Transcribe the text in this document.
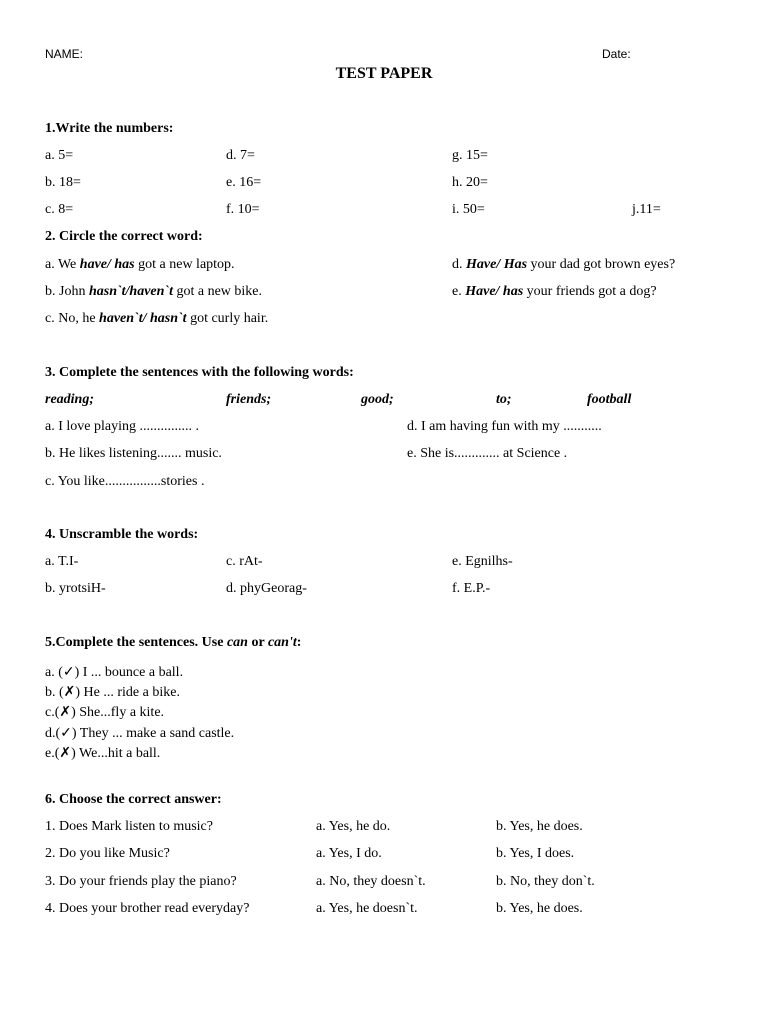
NAME:	Date:
TEST PAPER
1.Write the numbers:
a. 5=	d. 7=	g. 15=
b. 18=	e. 16=	h. 20=
c. 8=	f. 10=	i. 50=	j.11=
2. Circle the correct word:
a. We have/ has got a new laptop.	d. Have/ Has your dad got brown eyes?
b. John hasn`t/haven`t got a new bike.	e. Have/ has your friends got a dog?
c. No, he haven`t/ hasn`t got curly hair.
3. Complete the sentences with the following words:
reading;	friends;	good;	to;	football
a. I love playing ............... .	d. I am having fun with my ...........
b. He likes listening....... music.	e. She is............. at Science .
c. You like................stories .
4. Unscramble the words:
a. T.I-	c. rAt-	e. Egnilhs-
b. yrotsiH-	d. phyGeorag-	f. E.P.-
5.Complete the sentences. Use can or can't:
a. (✓) I ... bounce a ball.
b. (✗) He ... ride a bike.
c.(✗) She...fly a kite.
d.(✓) They ... make a sand castle.
e.(✗) We...hit a ball.
6. Choose the correct answer:
1. Does Mark listen to music?	a. Yes, he do.	b. Yes, he does.
2. Do you like Music?	a. Yes, I do.	b. Yes, I does.
3. Do your friends play the piano?	a. No, they doesn`t.	b. No, they don`t.
4. Does your brother read everyday?	a. Yes, he doesn`t.	b. Yes, he does.
